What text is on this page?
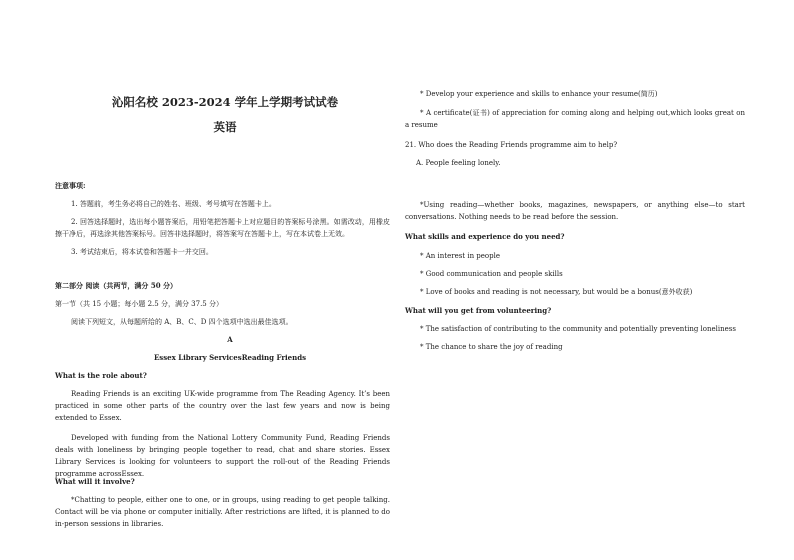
沁阳名校 2023-2024 学年上学期考试试卷
英语
注意事项:

1. 答题前，考生务必将自己的姓名、班级、考号填写在答题卡上。

2. 回答选择题时，选出每小题答案后，用铅笔把答题卡上对应题目的答案标号涂黑。如需改动，用橡皮擦干净后，再选涂其他答案标号。回答非选择题时，将答案写在答题卡上，写在本试卷上无效。

3. 考试结束后，将本试卷和答题卡一并交回。

第二部分 阅读（共两节，满分 50 分）
第一节（共 15 小题；每小题 2.5 分，满分 37.5 分）
阅读下列短文，从每题所给的 A、B、C、D 四个选项中选出最佳选项。
A
Essex Library ServicesReading Friends
What is the role about?
Reading Friends is an exciting UK-wide programme from The Reading Agency. It’s been practiced in some other parts of the country over the last few years and now is being extended to Essex.
Developed with funding from the National Lottery Community Fund, Reading Friends deals with loneliness by bringing people together to read, chat and share stories. Essex Library Services is looking for volunteers to support the roll-out of the Reading Friends programme acrossEssex.
What will it involve?
*Chatting to people, either one to one, or in groups, using reading to get people talking. Contact will be via phone or computer initially. After restrictions are lifted, it is planned to do in-person sessions in libraries.
* Develop your experience and skills to enhance your resume(简历)
* A certificate(证书) of appreciation for coming along and helping out,which looks great on a resume
21. Who does the Reading Friends programme aim to help?
A. People feeling lonely.
*Using reading—whether books, magazines, newspapers, or anything else—to start conversations. Nothing needs to be read before the session.
What skills and experience do you need?
* An interest in people
* Good communication and people skills
* Love of books and reading is not necessary, but would be a bonus(意外收获)
What will you get from volunteering?
* The satisfaction of contributing to the community and potentially preventing loneliness
* The chance to share the joy of reading
